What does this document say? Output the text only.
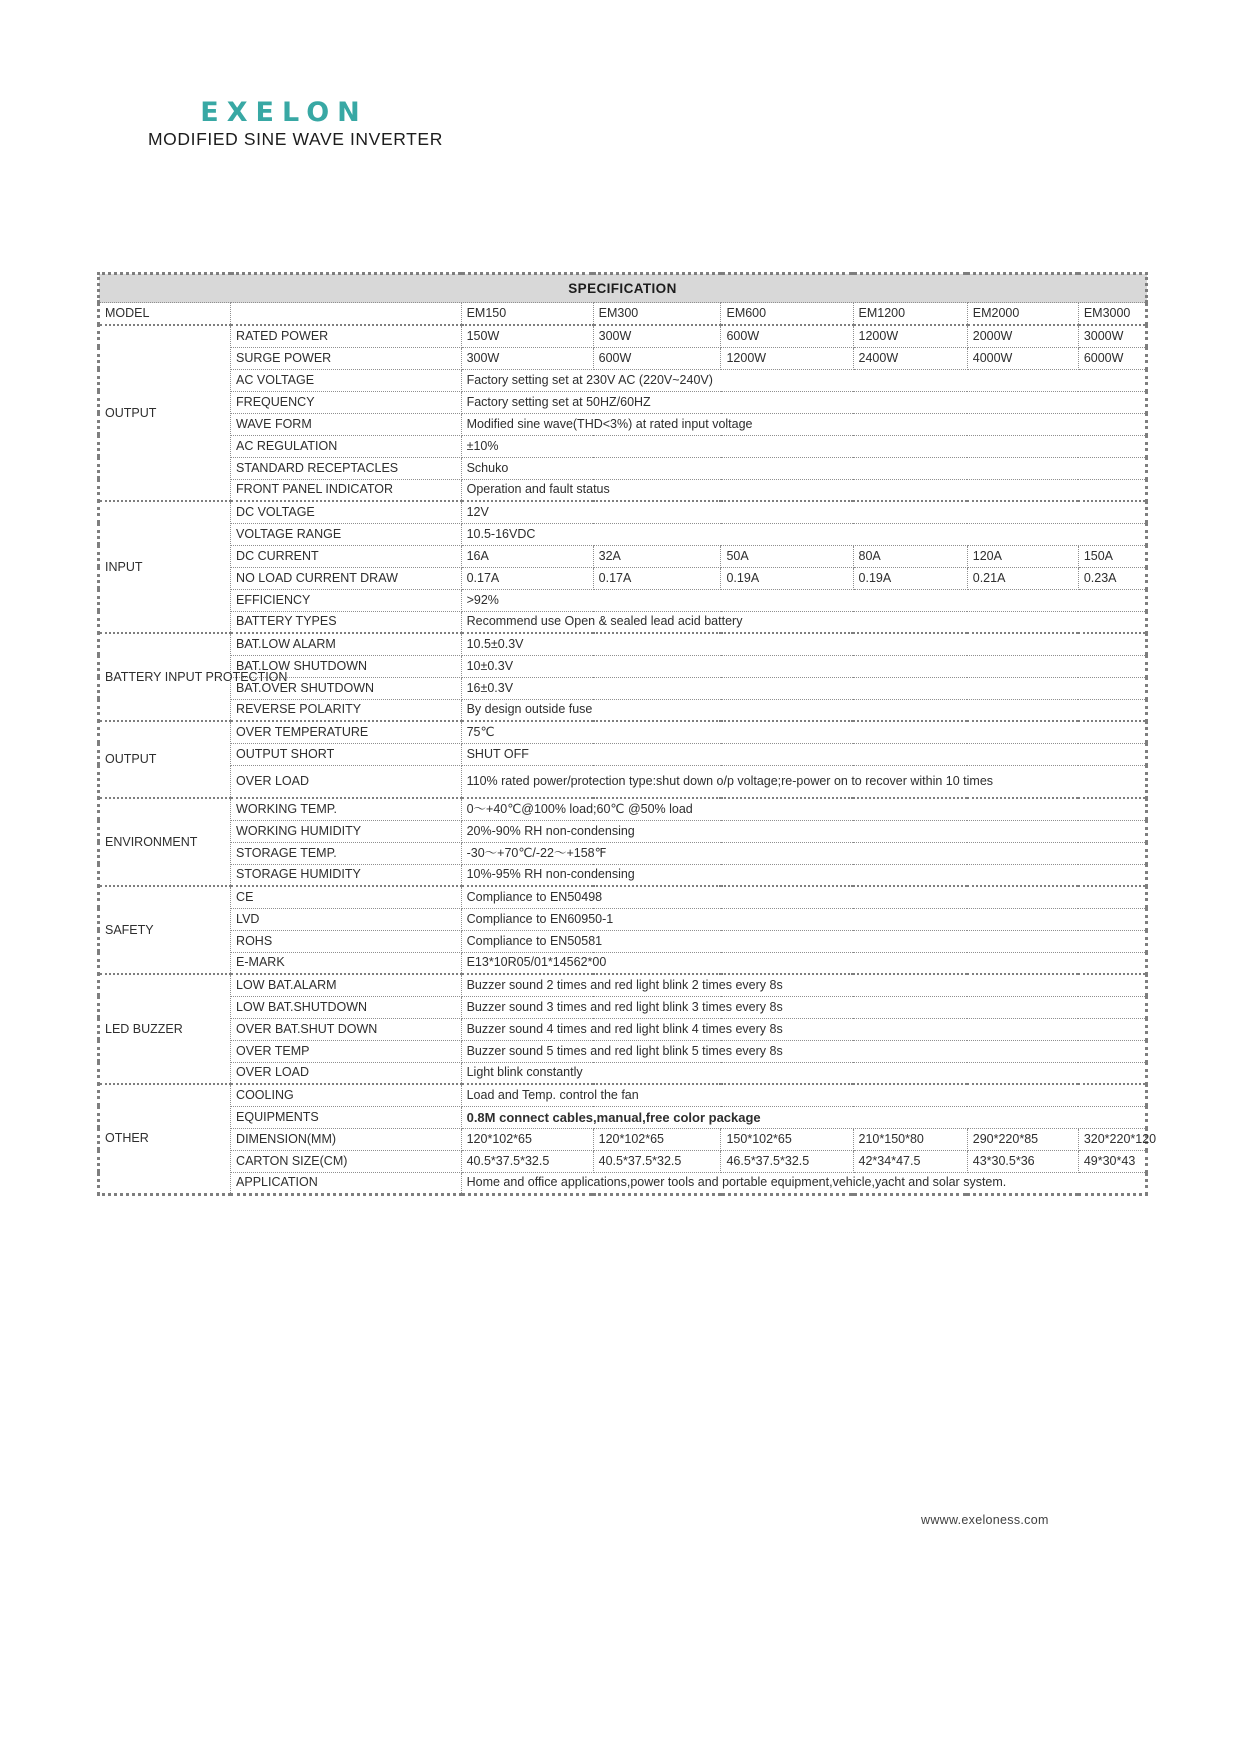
EXELON
MODIFIED SINE WAVE INVERTER
SPECIFICATION							
MODEL		EM150	EM300	EM600	EM1200	EM2000	EM3000
OUTPUT	RATED POWER	150W	300W	600W	1200W	2000W	3000W
	SURGE POWER	300W	600W	1200W	2400W	4000W	6000W
	AC VOLTAGE	Factory setting set at 230V AC (220V~240V)					
	FREQUENCY	Factory setting set at 50HZ/60HZ					
	WAVE FORM	Modified sine wave(THD<3%) at rated input voltage					
	AC REGULATION	±10%					
	STANDARD RECEPTACLES	Schuko					
	FRONT PANEL INDICATOR	Operation and fault status					
INPUT	DC VOLTAGE	12V					
	VOLTAGE RANGE	10.5-16VDC					
	DC CURRENT	16A	32A	50A	80A	120A	150A
	NO LOAD CURRENT DRAW	0.17A	0.17A	0.19A	0.19A	0.21A	0.23A
	EFFICIENCY	>92%					
	BATTERY TYPES	Recommend use Open & sealed lead acid battery					
BATTERY INPUT PROTECTION	BAT.LOW ALARM	10.5±0.3V					
	BAT.LOW SHUTDOWN	10±0.3V					
	BAT.OVER SHUTDOWN	16±0.3V					
	REVERSE POLARITY	By design outside fuse					
OUTPUT	OVER TEMPERATURE	75℃					
	OUTPUT SHORT	SHUT OFF					
	OVER LOAD	110% rated power/protection type:shut down o/p voltage;re-power on to recover within 10 times					
ENVIRONMENT	WORKING TEMP.	0〜+40℃@100% load;60℃ @50% load					
	WORKING HUMIDITY	20%-90% RH non-condensing					
	STORAGE TEMP.	-30〜+70℃/-22〜+158℉					
	STORAGE HUMIDITY	10%-95% RH non-condensing					
SAFETY	CE	Compliance to EN50498					
	LVD	Compliance to EN60950-1					
	ROHS	Compliance to EN50581					
	E-MARK	E13*10R05/01*14562*00					
LED BUZZER	LOW BAT.ALARM	Buzzer sound 2 times and red light blink 2 times every 8s					
	LOW BAT.SHUTDOWN	Buzzer sound 3 times and red light blink 3 times every 8s					
	OVER BAT.SHUT DOWN	Buzzer sound 4 times and red light blink 4 times every 8s					
	OVER TEMP	Buzzer sound 5 times and red light blink 5 times every 8s					
	OVER LOAD	Light blink constantly					
OTHER	COOLING	Load and Temp. control the fan					
	EQUIPMENTS	0.8M connect cables,manual,free color package					
	DIMENSION(MM)	120*102*65	120*102*65	150*102*65	210*150*80	290*220*85	320*220*120
	CARTON SIZE(CM)	40.5*37.5*32.5	40.5*37.5*32.5	46.5*37.5*32.5	42*34*47.5	43*30.5*36	49*30*43
	APPLICATION	Home and office applications,power tools and portable equipment,vehicle,yacht and solar system.					
wwww.exeloness.com
